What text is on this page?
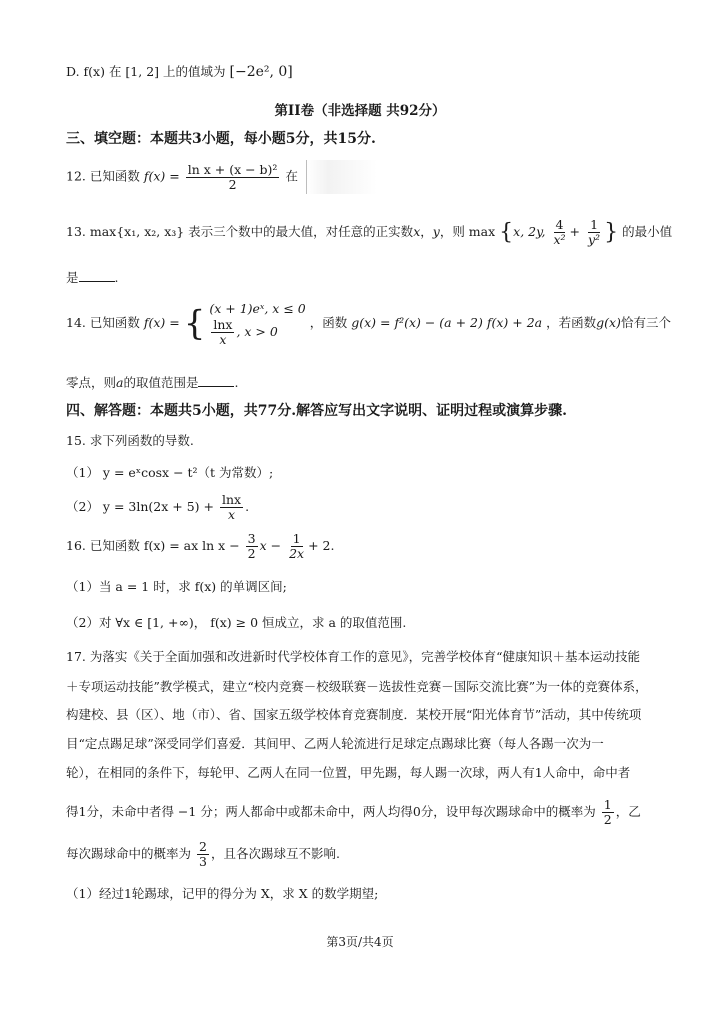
D. f(x) 在 [1, 2] 上的值域为 [−2e², 0]
第II卷（非选择题 共92分）
三、填空题：本题共3小题，每小题5分，共15分.
12. 已知函数 $f(x) = \frac{\text{ln x + (x − b)²}}{2}$ 在
13. max{x₁, x₂, x₃} 表示三个数中的最大值，对任意的正实数x，y，则 max {x, 2y, $\frac{4}{\text{x²}} + \frac{1}{\text{y²}}$ } 的最小值
是	.
14. 已知函数 f(x) = { (x + 1)eˣ, x ≤ 0
$\frac{\ln x}{x}$ , x > 0
，函数 g(x) = f²(x) − (a + 2) f(x) + 2a ，若函数g(x)恰有三个
零点，则a的取值范围是	.
四、解答题：本题共5小题，共77分.解答应写出文字说明、证明过程或演算步骤.
15. 求下列函数的导数.
（1） y = eˣcosx − t²（t 为常数）;
（2） $y = 3\ln(2x + 5) + \frac{\ln x}{x}$ .
16. 已知函数 f(x) = ax $\ln x - \frac{3}{2}$ $x - \frac{1}{2x} + 2$.
（1）当 a = 1 时，求 f(x) 的单调区间;
（2）对 ∀x ∈ [1, +∞)， f(x) ≥ 0 恒成立，求 a 的取值范围.
17. 为落实《关于全面加强和改进新时代学校体育工作的意见》，完善学校体育“健康知识＋基本运动技能
＋专项运动技能”教学模式，建立“校内竞赛－校级联赛－选拔性竞赛－国际交流比赛”为一体的竞赛体系，
构建校、县（区）、地（市）、省、国家五级学校体育竞赛制度．某校开展“阳光体育节”活动，其中传统项
目“定点踢足球”深受同学们喜爱．其间甲、乙两人轮流进行足球定点踢球比赛（每人各踢一次为一
轮），在相同的条件下，每轮甲、乙两人在同一位置，甲先踢，每人踢一次球，两人有1人命中，命中者
得1分，未命中者得 −1 分；两人都命中或都未命中，两人均得0分，设甲每次踢球命中的概率为 $\frac{1}{2}$ ，乙
每次踢球命中的概率为 $\frac{2}{3}$ ，且各次踢球互不影响.
（1）经过1轮踢球，记甲的得分为 X，求 X 的数学期望;
第3页/共4页
